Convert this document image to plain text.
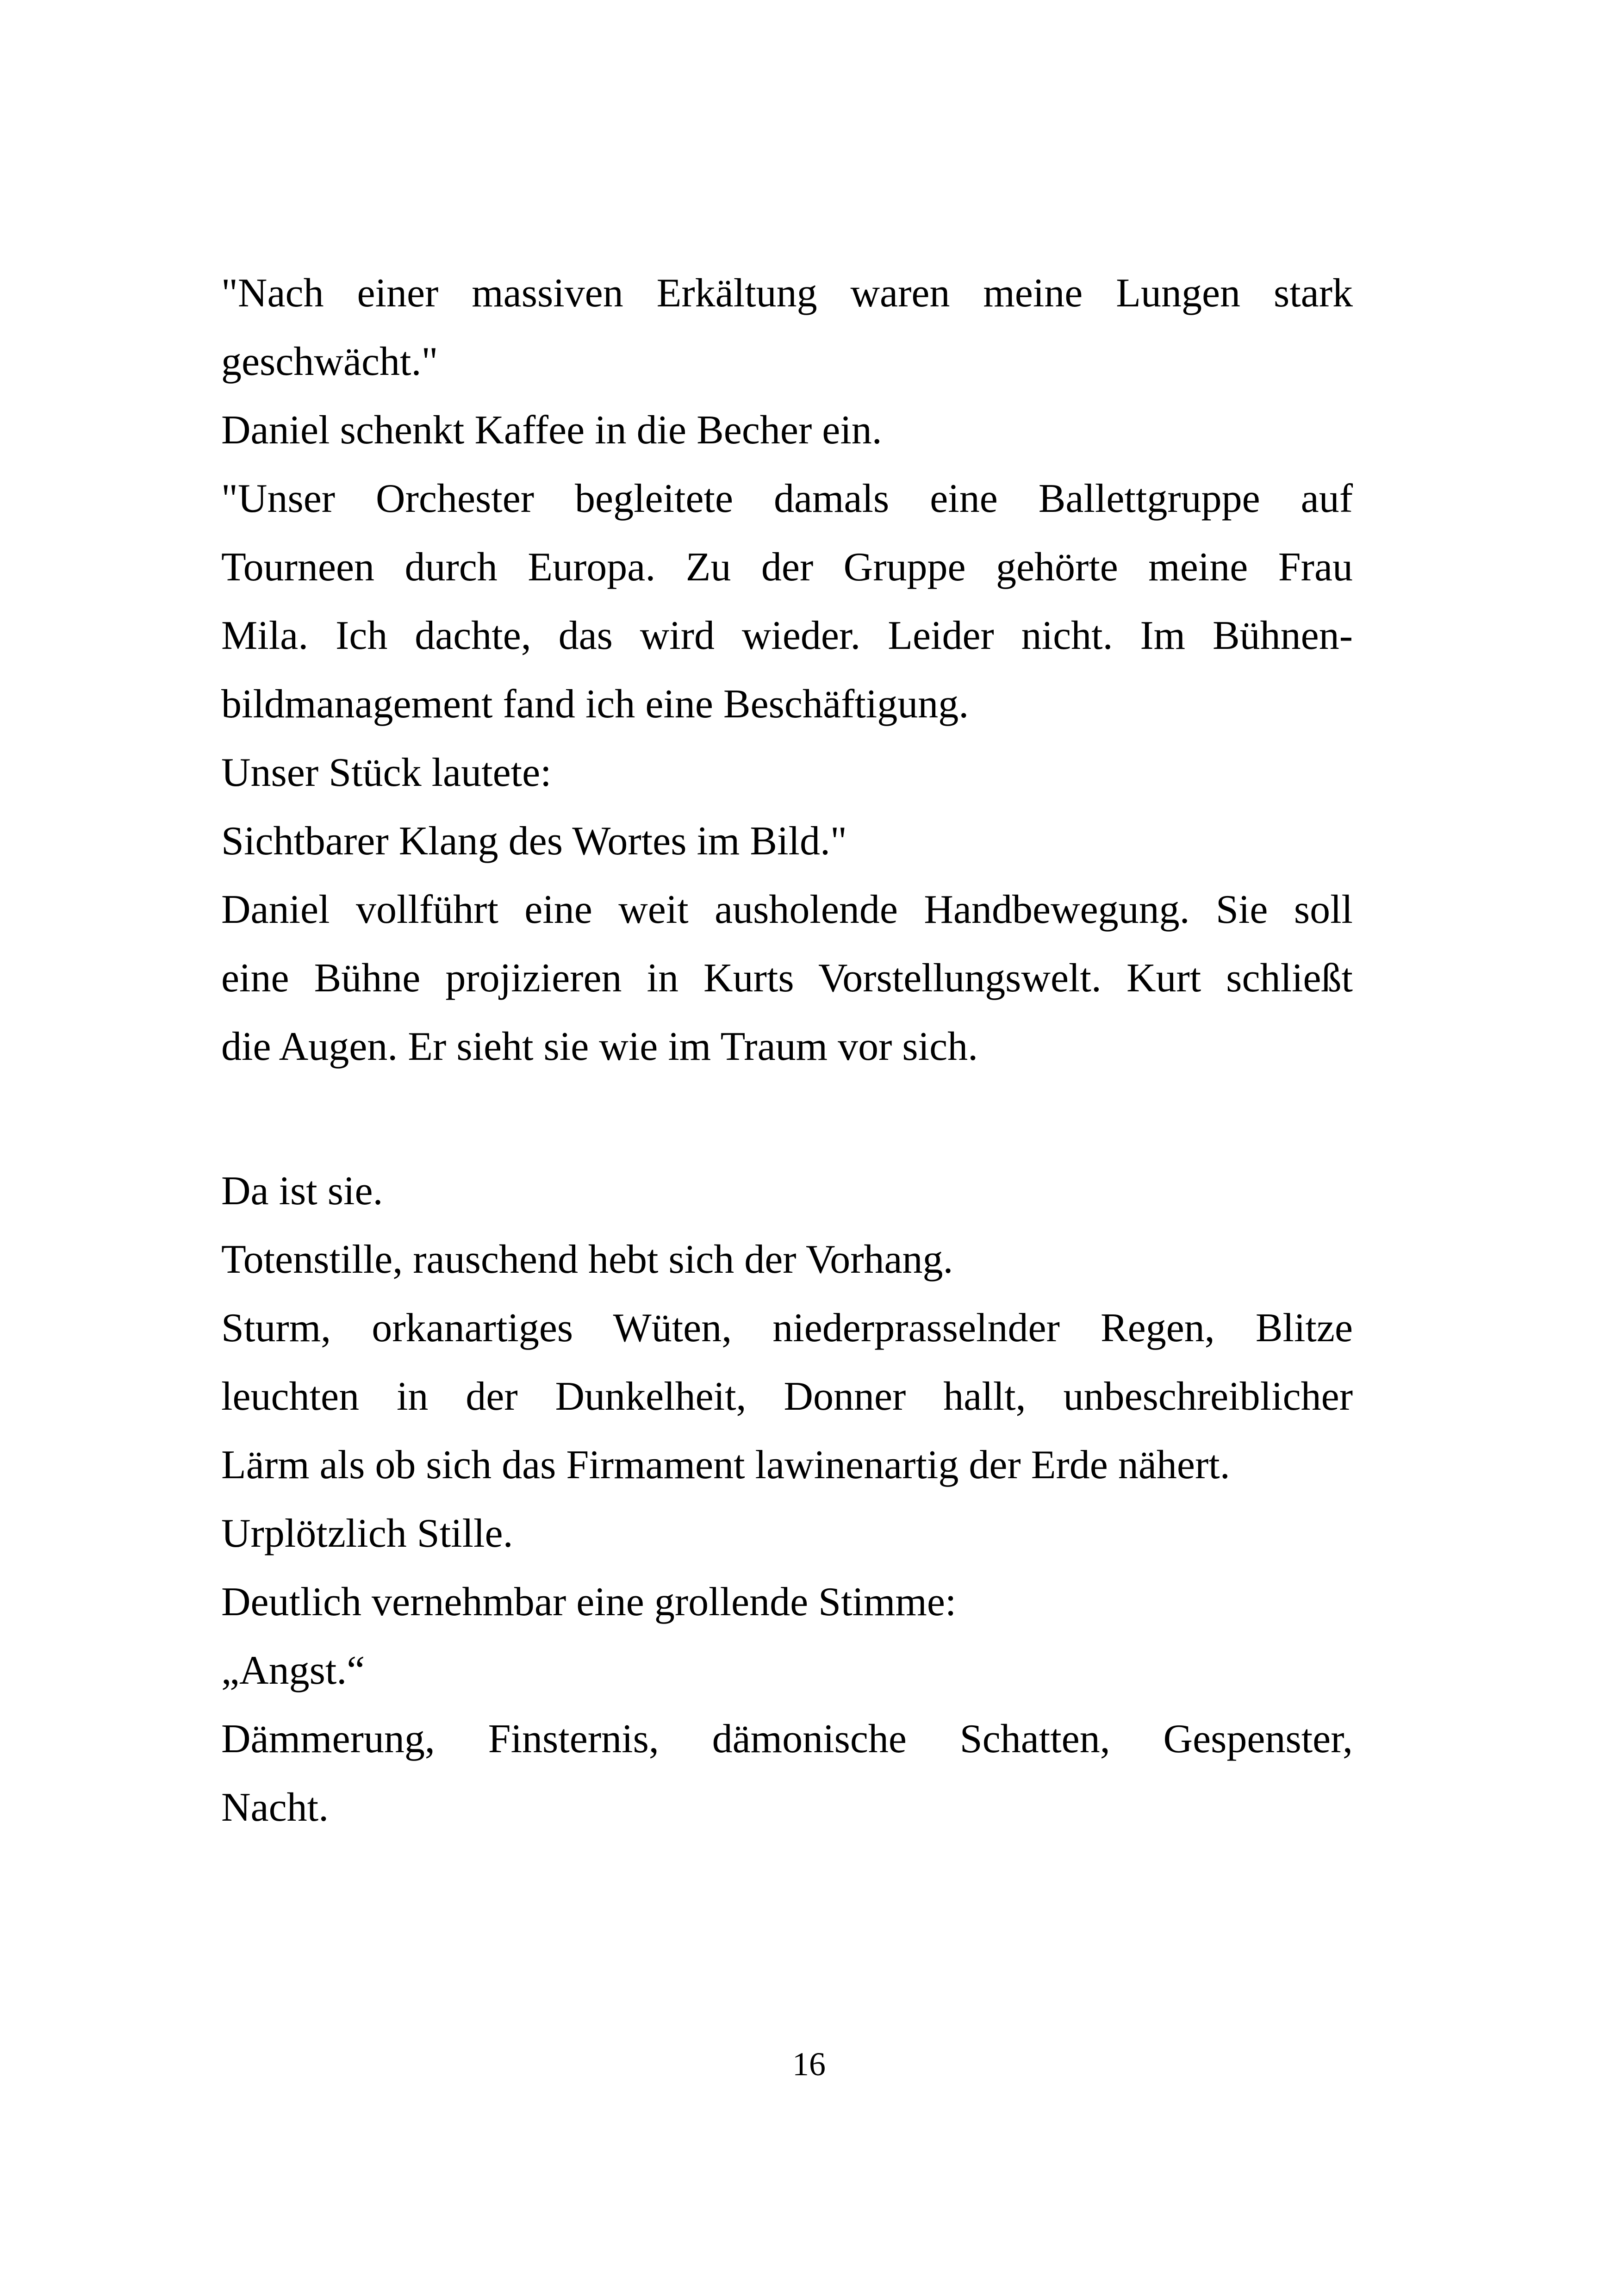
"Nach einer massiven Erkältung waren meine Lungen stark
geschwächt."
Daniel schenkt Kaffee in die Becher ein.
"Unser Orchester begleitete damals eine Ballettgruppe auf
Tourneen durch Europa. Zu der Gruppe gehörte meine Frau
Mila. Ich dachte, das wird wieder. Leider nicht. Im Bühnen-
bildmanagement fand ich eine Beschäftigung.
Unser Stück lautete:
Sichtbarer Klang des Wortes im Bild."
Daniel vollführt eine weit ausholende Handbewegung. Sie soll
eine Bühne projizieren in Kurts Vorstellungswelt. Kurt schließt
die Augen. Er sieht sie wie im Traum vor sich.
Da ist sie.
Totenstille, rauschend hebt sich der Vorhang.
Sturm, orkanartiges Wüten, niederprasselnder Regen, Blitze
leuchten in der Dunkelheit, Donner hallt, unbeschreiblicher
Lärm als ob sich das Firmament lawinenartig der Erde nähert.
Urplötzlich Stille.
Deutlich vernehmbar eine grollende Stimme:
„Angst.“
Dämmerung, Finsternis, dämonische Schatten, Gespenster,
Nacht.
16
